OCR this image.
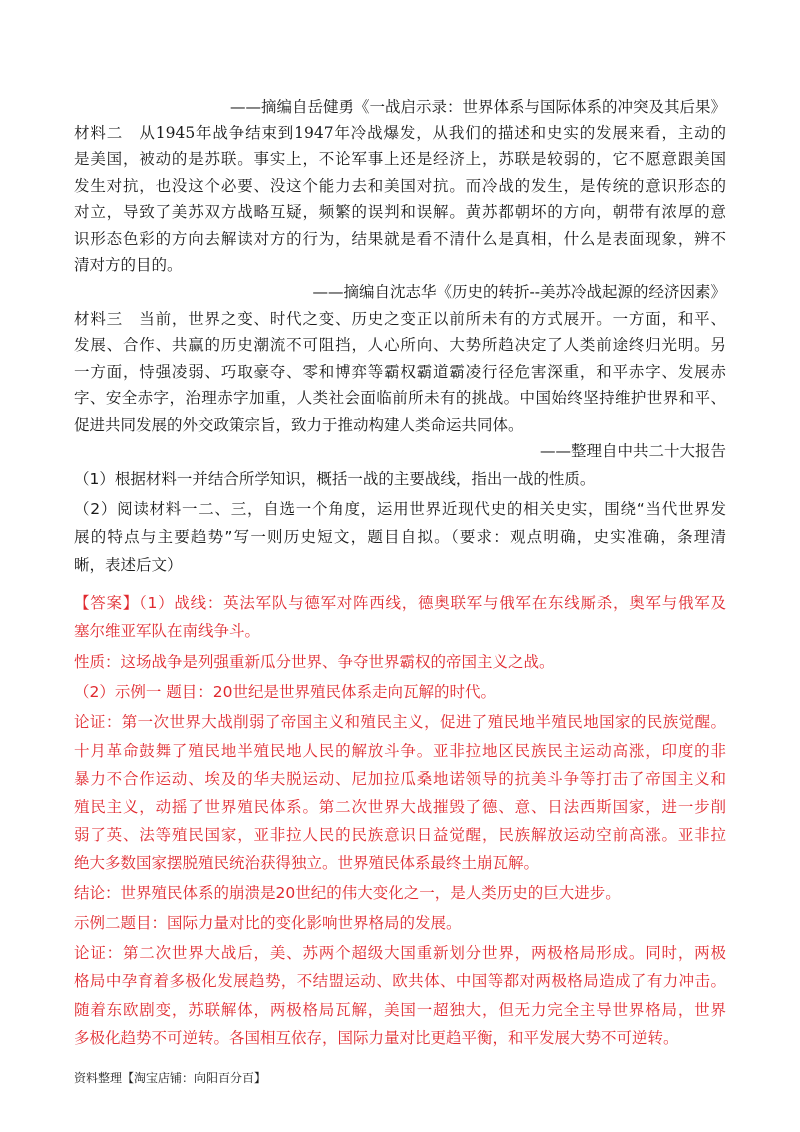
——摘编自岳健勇《一战启示录：世界体系与国际体系的冲突及其后果》
材料二　从1945年战争结束到1947年冷战爆发，从我们的描述和史实的发展来看，主动的
是美国，被动的是苏联。事实上，不论军事上还是经济上，苏联是较弱的，它不愿意跟美国
发生对抗，也没这个必要、没这个能力去和美国对抗。而冷战的发生，是传统的意识形态的
对立，导致了美苏双方战略互疑，频繁的误判和误解。黄苏都朝坏的方向，朝带有浓厚的意
识形态色彩的方向去解读对方的行为，结果就是看不清什么是真相，什么是表面现象，辨不
清对方的目的。
——摘编自沈志华《历史的转折--美苏冷战起源的经济因素》
材料三　当前，世界之变、时代之变、历史之变正以前所未有的方式展开。一方面，和平、
发展、合作、共赢的历史潮流不可阻挡，人心所向、大势所趋决定了人类前途终归光明。另
一方面，恃强凌弱、巧取豪夺、零和博弈等霸权霸道霸凌行径危害深重，和平赤字、发展赤
字、安全赤字，治理赤字加重，人类社会面临前所未有的挑战。中国始终坚持维护世界和平、
促进共同发展的外交政策宗旨，致力于推动构建人类命运共同体。
——整理自中共二十大报告
（1）根据材料一并结合所学知识，概括一战的主要战线，指出一战的性质。
（2）阅读材料一二、三，自选一个角度，运用世界近现代史的相关史实，围绕“当代世界发
展的特点与主要趋势”写一则历史短文，题目自拟。（要求：观点明确，史实准确，条理清
晰，表述后文）
【答案】（1）战线：英法军队与德军对阵西线，德奥联军与俄军在东线厮杀，奥军与俄军及
塞尔维亚军队在南线争斗。
性质：这场战争是列强重新瓜分世界、争夺世界霸权的帝国主义之战。
（2）示例一 题目：20世纪是世界殖民体系走向瓦解的时代。
论证：第一次世界大战削弱了帝国主义和殖民主义，促进了殖民地半殖民地国家的民族觉醒。
十月革命鼓舞了殖民地半殖民地人民的解放斗争。亚非拉地区民族民主运动高涨，印度的非
暴力不合作运动、埃及的华夫脱运动、尼加拉瓜桑地诺领导的抗美斗争等打击了帝国主义和
殖民主义，动摇了世界殖民体系。第二次世界大战摧毁了德、意、日法西斯国家，进一步削
弱了英、法等殖民国家，亚非拉人民的民族意识日益觉醒，民族解放运动空前高涨。亚非拉
绝大多数国家摆脱殖民统治获得独立。世界殖民体系最终土崩瓦解。
结论：世界殖民体系的崩溃是20世纪的伟大变化之一，是人类历史的巨大进步。
示例二题目：国际力量对比的变化影响世界格局的发展。
论证：第二次世界大战后，美、苏两个超级大国重新划分世界，两极格局形成。同时，两极
格局中孕育着多极化发展趋势，不结盟运动、欧共体、中国等都对两极格局造成了有力冲击。
随着东欧剧变，苏联解体，两极格局瓦解，美国一超独大，但无力完全主导世界格局，世界
多极化趋势不可逆转。各国相互依存，国际力量对比更趋平衡，和平发展大势不可逆转。
资料整理【淘宝店铺：向阳百分百】
